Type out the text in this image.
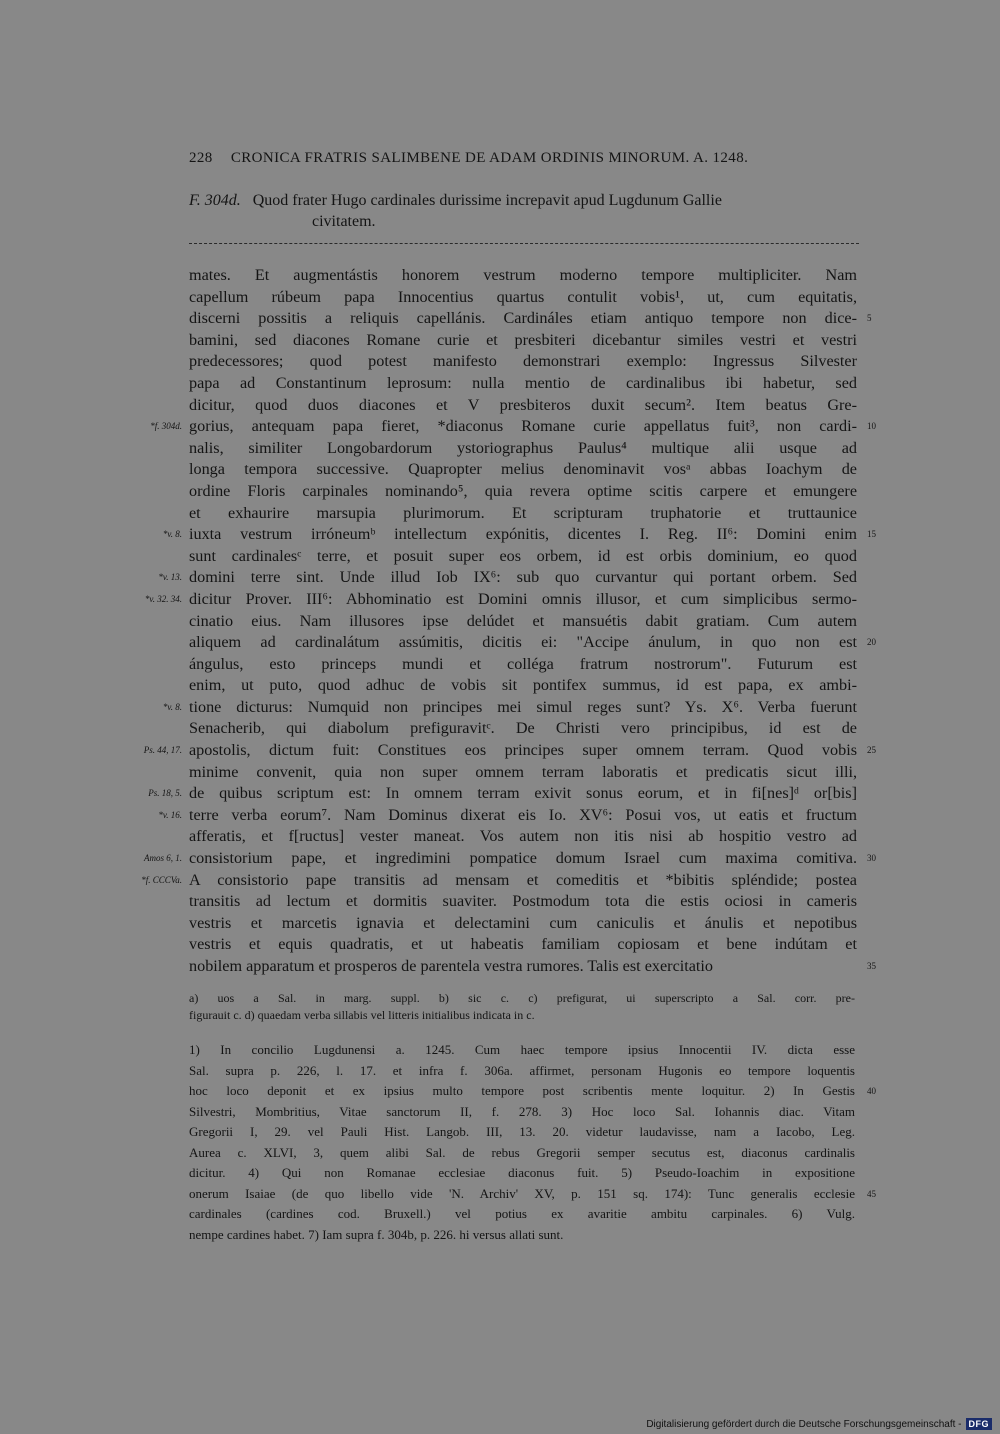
228 CRONICA FRATRIS SALIMBENE DE ADAM ORDINIS MINORUM. A. 1248.
F. 304d. Quod frater Hugo cardinales durissime increpavit apud Lugdunum Gallie
civitatem.
mates. Et augmentástis honorem vestrum moderno tempore multipliciter. Nam
capellum rúbeum papa Innocentius quartus contulit vobis¹, ut, cum equitatis,
discerni possitis a reliquis capellánis. Cardináles etiam antiquo tempore non dice- 5
bamini, sed diacones Romane curie et presbiteri dicebantur similes vestri et vestri
predecessores; quod potest manifesto demonstrari exemplo: Ingressus Silvester
papa ad Constantinum leprosum: nulla mentio de cardinalibus ibi habetur, sed
dicitur, quod duos diacones et V presbiteros duxit secum². Item beatus Gre-
gorius, antequam papa fieret, *diaconus Romane curie appellatus fuit³, non cardi-
*f. 304d.	10
nalis, similiter Longobardorum ystoriographus Paulus⁴ multique alii usque ad
longa tempora successive. Quapropter melius denominavit vosᵃ abbas Ioachym de
ordine Floris carpinales nominando⁵, quia revera optime scitis carpere et emungere
et exhaurire marsupia plurimorum. Et scripturam truphatorie et truttaunice
iuxta vestrum irróneumᵇ intellectum expónitis, dicentes I. Reg. II⁶: Domini enim
*v. 8.	15
sunt cardinalesᶜ terre, et posuit super eos orbem, id est orbis dominium, eo quod
domini terre sint. Unde illud Iob IX⁶: sub quo curvantur qui portant orbem. Sed
*v. 13.
dicitur Prover. III⁶: Abhominatio est Domini omnis illusor, et cum simplicibus sermo-
*v. 32. 34.
cinatio eius. Nam illusores ipse delúdet et mansuétis dabit gratiam. Cum autem
aliquem ad cardinalátum assúmitis, dicitis ei: "Accipe ánulum, in quo non est 20
ángulus, esto princeps mundi et colléga fratrum nostrorum". Futurum est
enim, ut puto, quod adhuc de vobis sit pontifex summus, id est papa, ex ambi-
tione dicturus: Numquid non principes mei simul reges sunt? Ys. X⁶. Verba fuerunt
*v. 8.
Senacherib, qui diabolum prefiguravitᶜ. De Christi vero principibus, id est de
apostolis, dictum fuit: Constitues eos principes super omnem terram. Quod vobis
Ps. 44, 17.	25
minime convenit, quia non super omnem terram laboratis et predicatis sicut illi,
de quibus scriptum est: In omnem terram exivit sonus eorum, et in fi[nes]ᵈ or[bis]
Ps. 18, 5.
terre verba eorum⁷. Nam Dominus dixerat eis Io. XV⁶: Posui vos, ut eatis et fructum
*v. 16.
afferatis, et f[ructus] vester maneat. Vos autem non itis nisi ab hospitio vestro ad
consistorium pape, et ingredimini pompatice domum Israel cum maxima comitiva.
Amos 6, 1.	30
A consistorio pape transitis ad mensam et comeditis et *bibitis spléndide; postea
*f. CCCVa.
transitis ad lectum et dormitis suaviter. Postmodum tota die estis ociosi in cameris
vestris et marcetis ignavia et delectamini cum caniculis et ánulis et nepotibus
vestris et equis quadratis, et ut habeatis familiam copiosam et bene indútam et
nobilem apparatum et prosperos de parentela vestra rumores. Talis est exercitatio	35
a) uos a Sal. in marg. suppl. b) sic c. c) prefigurat, ui superscripto a Sal. corr. pre-
figurauit c. d) quaedam verba sillabis vel litteris initialibus indicata in c.
1) In concilio Lugdunensi a. 1245. Cum haec tempore ipsius Innocentii IV. dicta esse
Sal. supra p. 226, l. 17. et infra f. 306a. affirmet, personam Hugonis eo tempore loquentis
hoc loco deponit et ex ipsius multo tempore post scribentis mente loquitur. 2) In Gestis 40
Silvestri, Mombritius, Vitae sanctorum II, f. 278. 3) Hoc loco Sal. Iohannis diac. Vitam
Gregorii I, 29. vel Pauli Hist. Langob. III, 13. 20. videtur laudavisse, nam a Iacobo, Leg.
Aurea c. XLVI, 3, quem alibi Sal. de rebus Gregorii semper secutus est, diaconus cardinalis
dicitur. 4) Qui non Romanae ecclesiae diaconus fuit. 5) Pseudo-Ioachim in expositione
onerum Isaiae (de quo libello vide 'N. Archiv' XV, p. 151 sq. 174): Tunc generalis ecclesie 45
cardinales (cardines cod. Bruxell.) vel potius ex avaritie ambitu carpinales. 6) Vulg.
nempe cardines habet. 7) Iam supra f. 304b, p. 226. hi versus allati sunt.
Digitalisierung gefördert durch die Deutsche Forschungsgemeinschaft - DFG
